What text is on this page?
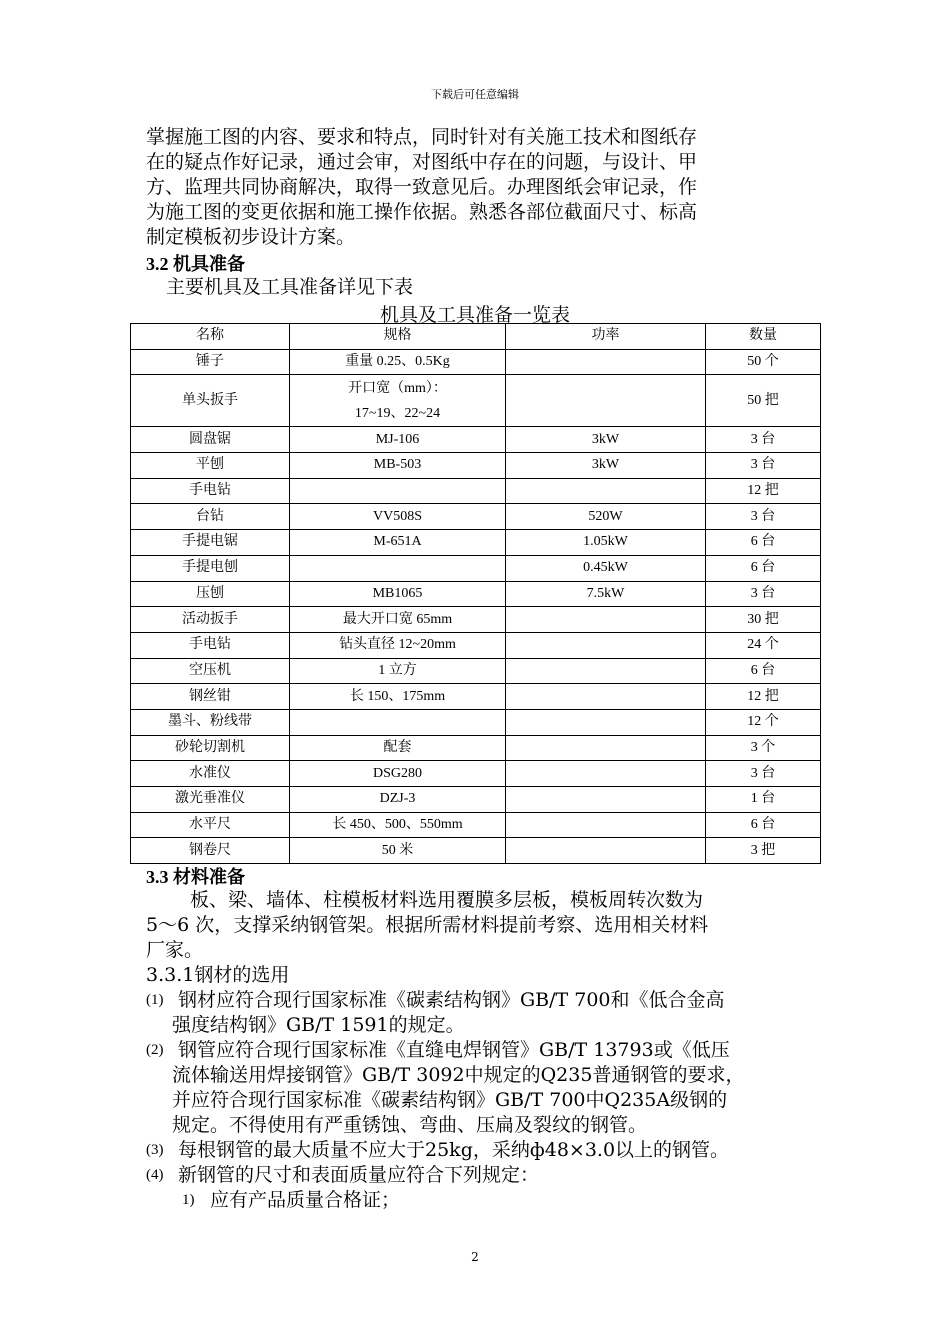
下载后可任意编辑
掌握施工图的内容、要求和特点，同时针对有关施工技术和图纸存
在的疑点作好记录，通过会审，对图纸中存在的问题，与设计、甲
方、监理共同协商解决，取得一致意见后。办理图纸会审记录，作
为施工图的变更依据和施工操作依据。熟悉各部位截面尺寸、标高
制定模板初步设计方案。
3.2 机具准备
主要机具及工具准备详见下表
机具及工具准备一览表
名称	规格	功率	数量
锤子	重量 0.25、0.5Kg		50 个
单头扳手	开口宽（mm）：
17~19、22~24		50 把
圆盘锯	MJ-106	3kW	3 台
平刨	MB-503	3kW	3 台
手电钻			12 把
台钻	VV508S	520W	3 台
手提电锯	M-651A	1.05kW	6 台
手提电刨		0.45kW	6 台
压刨	MB1065	7.5kW	3 台
活动扳手	最大开口宽 65mm		30 把
手电钻	钻头直径 12~20mm		24 个
空压机	1 立方		6 台
钢丝钳	长 150、175mm		12 把
墨斗、粉线带			12 个
砂轮切割机	配套		3 个
水准仪	DSG280		3 台
激光垂准仪	DZJ-3		1 台
水平尺	长 450、500、550mm		6 台
钢卷尺	50 米		3 把
3.3 材料准备
板、梁、墙体、柱模板材料选用覆膜多层板，模板周转次数为
5～6 次，支撑采纳钢管架。根据所需材料提前考察、选用相关材料
厂家。
3.3.1钢材的选用
(1) 钢材应符合现行国家标准《碳素结构钢》GB/T 700和《低合金高
强度结构钢》GB/T 1591的规定。
(2) 钢管应符合现行国家标准《直缝电焊钢管》GB/T 13793或《低压
流体输送用焊接钢管》GB/T 3092中规定的Q235普通钢管的要求，
并应符合现行国家标准《碳素结构钢》GB/T 700中Q235A级钢的
规定。不得使用有严重锈蚀、弯曲、压扁及裂纹的钢管。
(3) 每根钢管的最大质量不应大于25kg，采纳ф48×3.0以上的钢管。
(4) 新钢管的尺寸和表面质量应符合下列规定：
1) 应有产品质量合格证；
2
